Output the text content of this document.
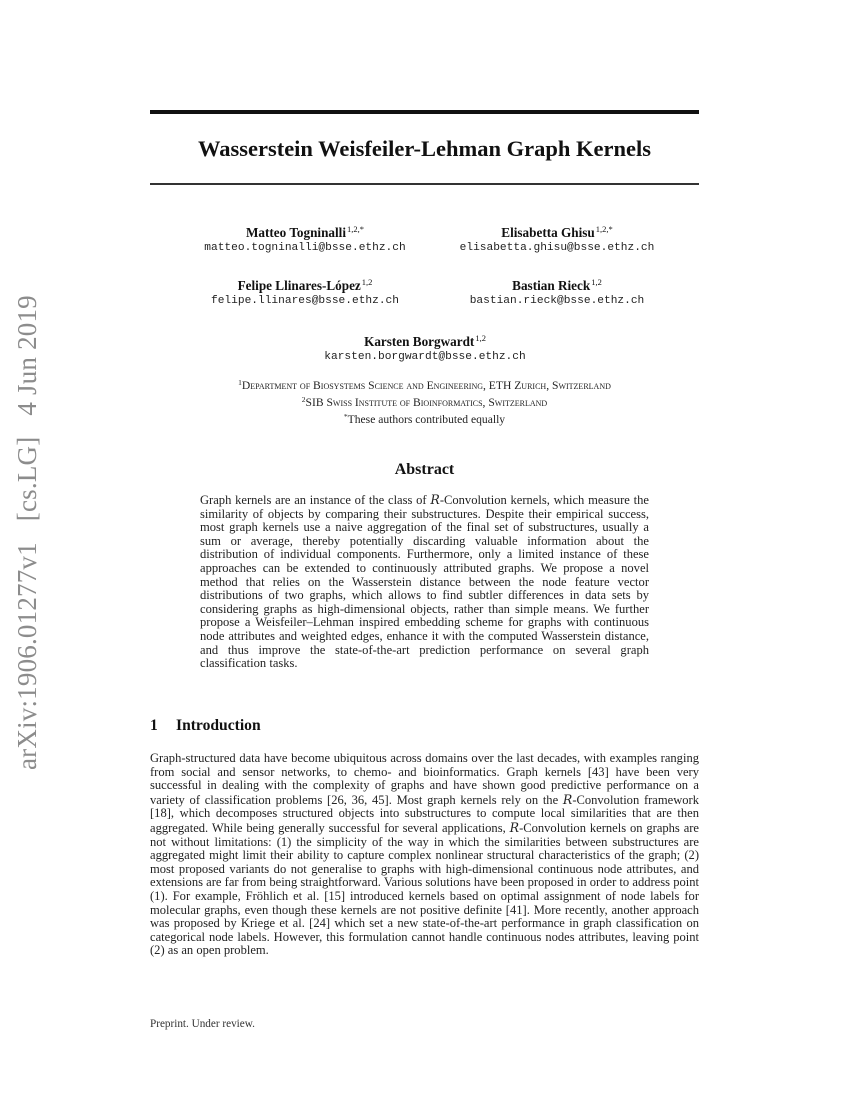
arXiv:1906.01277v1 [cs.LG] 4 Jun 2019
Wasserstein Weisfeiler-Lehman Graph Kernels
Matteo Togninalli$^{1,2,*}$
matteo.togninalli@bsse.ethz.ch
Elisabetta Ghisu$^{1,2,*}$
elisabetta.ghisu@bsse.ethz.ch
Felipe Llinares-López$^{1,2}$
felipe.llinares@bsse.ethz.ch
Bastian Rieck$^{1,2}$
bastian.rieck@bsse.ethz.ch
Karsten Borgwardt$^{1,2}$
karsten.borgwardt@bsse.ethz.ch
$^1$Department of Biosystems Science and Engineering, ETH Zurich, Switzerland
$^2$SIB Swiss Institute of Bioinformatics, Switzerland
*These authors contributed equally
Abstract

Graph kernels are an instance of the class of R-Convolution kernels, which measure the similarity of objects by comparing their substructures. Despite their empirical success, most graph kernels use a naive aggregation of the final set of substructures, usually a sum or average, thereby potentially discarding valuable information about the distribution of individual components. Furthermore, only a limited instance of these approaches can be extended to continuously attributed graphs. We propose a novel method that relies on the Wasserstein distance between the node feature vector distributions of two graphs, which allows to find subtler differences in data sets by considering graphs as high-dimensional objects, rather than simple means. We further propose a Weisfeiler–Lehman inspired embedding scheme for graphs with continuous node attributes and weighted edges, enhance it with the computed Wasserstein distance, and thus improve the state-of-the-art prediction performance on several graph classification tasks.

1 Introduction

Graph-structured data have become ubiquitous across domains over the last decades, with examples ranging from social and sensor networks, to chemo- and bioinformatics. Graph kernels [43] have been very successful in dealing with the complexity of graphs and have shown good predictive performance on a variety of classification problems [26, 36, 45]. Most graph kernels rely on the R-Convolution framework [18], which decomposes structured objects into substructures to compute local similarities that are then aggregated. While being generally successful for several applications, R-Convolution kernels on graphs are not without limitations: (1) the simplicity of the way in which the similarities between substructures are aggregated might limit their ability to capture complex nonlinear structural characteristics of the graph; (2) most proposed variants do not generalise to graphs with high-dimensional continuous node attributes, and extensions are far from being straightforward. Various solutions have been proposed in order to address point (1). For example, Fröhlich et al. [15] introduced kernels based on optimal assignment of node labels for molecular graphs, even though these kernels are not positive definite [41]. More recently, another approach was proposed by Kriege et al. [24] which set a new state-of-the-art performance in graph classification on categorical node labels. However, this formulation cannot handle continuous nodes attributes, leaving point (2) as an open problem.

Preprint. Under review.
